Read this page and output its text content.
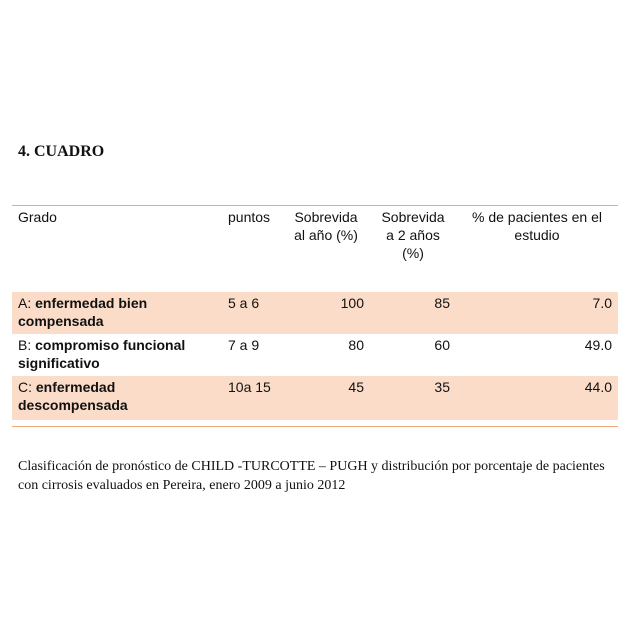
4. CUADRO
Grado	puntos	Sobrevida al año (%)	Sobrevida a 2 años (%)	% de pacientes en el estudio
A: enfermedad bien compensada	5 a 6	100	85	7.0
B: compromiso funcional significativo	7 a 9	80	60	49.0
C: enfermedad descompensada	10a 15	45	35	44.0
Clasificación de pronóstico de CHILD -TURCOTTE – PUGH y distribución por porcentaje de pacientes con cirrosis evaluados en Pereira, enero 2009 a junio 2012
